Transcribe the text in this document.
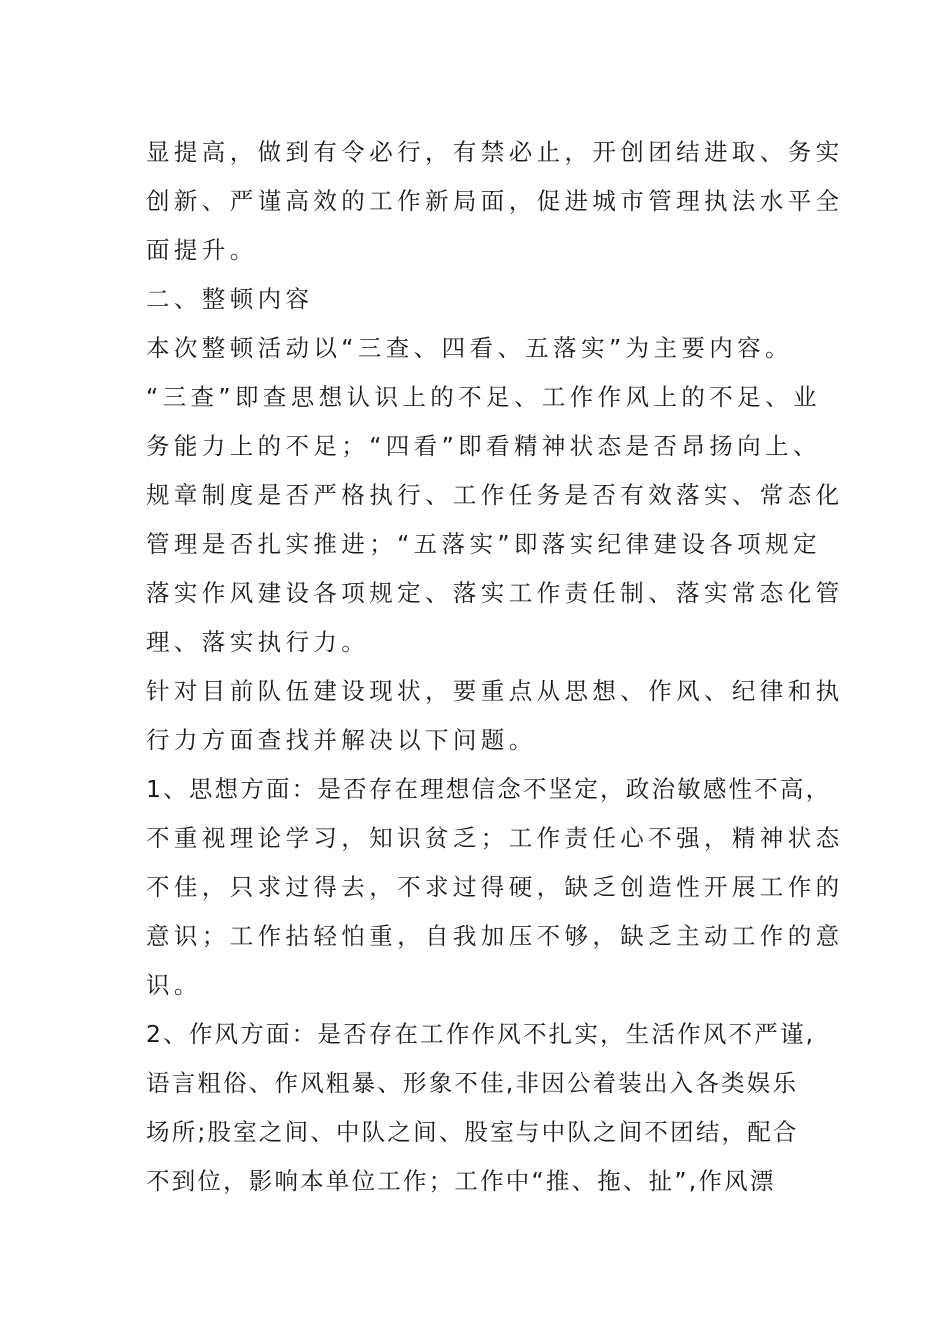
显提高，做到有令必行，有禁必止，开创团结进取、务实
创新、严谨高效的工作新局面，促进城市管理执法水平全
面提升。
二、整顿内容
本次整顿活动以“三查、四看、五落实”为主要内容。
“三查”即查思想认识上的不足、工作作风上的不足、业
务能力上的不足；“四看”即看精神状态是否昂扬向上、
规章制度是否严格执行、工作任务是否有效落实、常态化
管理是否扎实推进；“五落实”即落实纪律建设各项规定
落实作风建设各项规定、落实工作责任制、落实常态化管
理、落实执行力。
针对目前队伍建设现状，要重点从思想、作风、纪律和执
行力方面查找并解决以下问题。
1、思想方面：是否存在理想信念不坚定，政治敏感性不高，
不重视理论学习，知识贫乏；工作责任心不强，精神状态
不佳，只求过得去，不求过得硬，缺乏创造性开展工作的
意识；工作拈轻怕重，自我加压不够，缺乏主动工作的意
识。
2、作风方面：是否存在工作作风不扎实，生活作风不严谨,
语言粗俗、作风粗暴、形象不佳,非因公着装出入各类娱乐
场所;股室之间、中队之间、股室与中队之间不团结，配合
不到位，影响本单位工作；工作中“推、拖、扯”,作风漂
